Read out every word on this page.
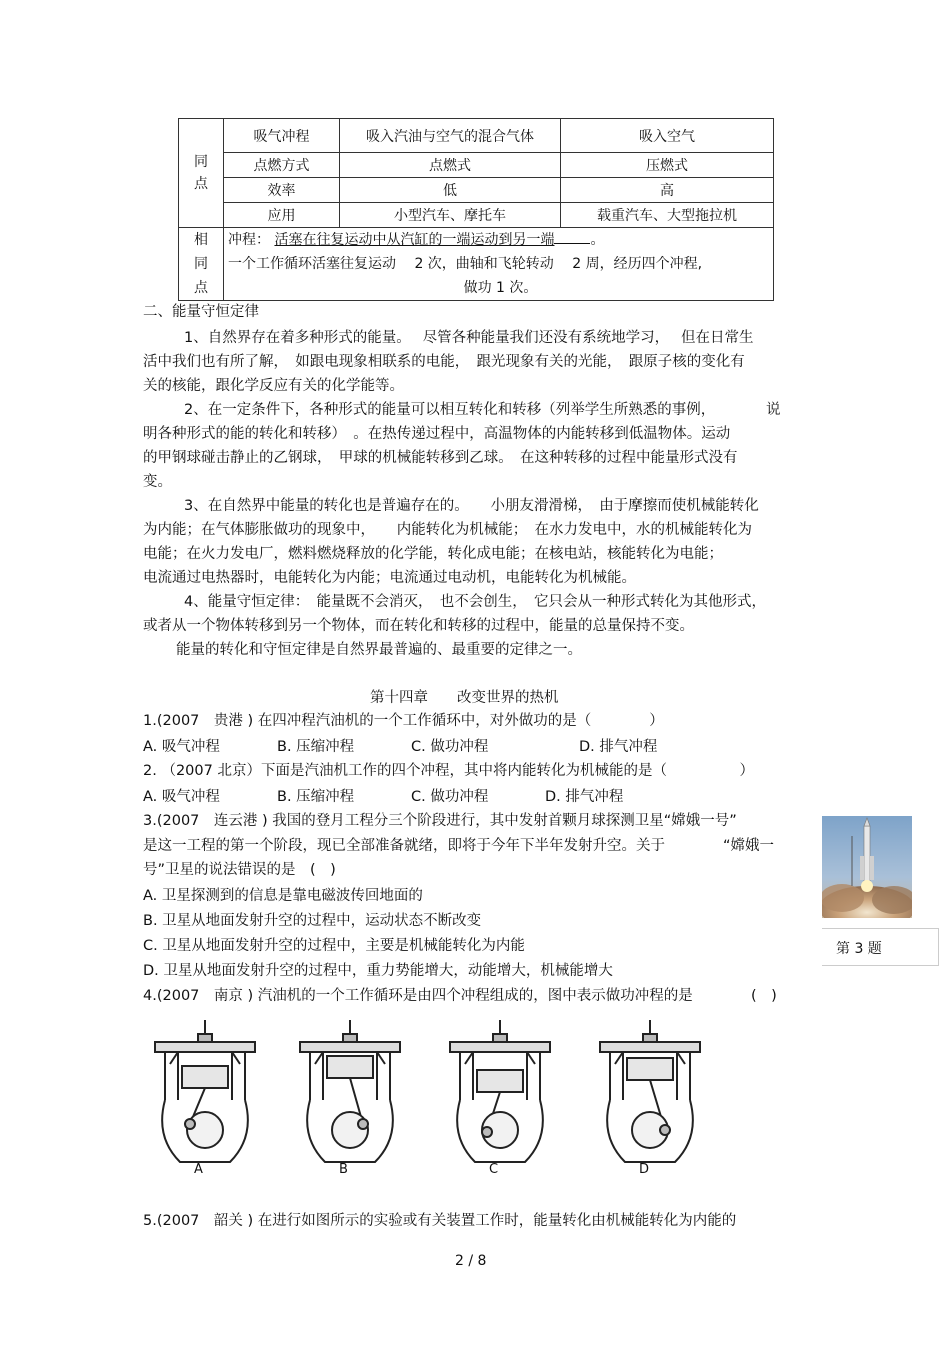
同点	吸气冲程	吸入汽油与空气的混合气体	吸入空气
	点燃方式	点燃式	压燃式
	效率	低	高
	应用	小型汽车、摩托车	载重汽车、大型拖拉机
相同点	冲程： 活塞在往复运动中从汽缸的一端运动到另一端 。
一个工作循环活塞往复运动　 2 次，曲轴和飞轮转动　 2 周，经历四个冲程,
做功 1 次。		
二、能量守恒定律
1、自然界存在着多种形式的能量。　 尽管各种能量我们还没有系统地学习，　 但在日常生
活中我们也有所了解，　如跟电现象相联系的电能，　跟光现象有关的光能，　跟原子核的变化有
关的核能，跟化学反应有关的化学能等。
2、在一定条件下，各种形式的能量可以相互转化和转移（列举学生所熟悉的事例，　　　　说
明各种形式的能的转化和转移）　。在热传递过程中，高温物体的内能转移到低温物体。运动
的甲钢球碰击静止的乙钢球，　甲球的机械能转移到乙球。　在这种转移的过程中能量形式没有
变。
3、在自然界中能量的转化也是普遍存在的。　　小朋友滑滑梯，　由于摩擦而使机械能转化
为内能；在气体膨胀做功的现象中，　　内能转化为机械能；　在水力发电中，水的机械能转化为
电能；在火力发电厂，燃料燃烧释放的化学能，转化成电能；在核电站，核能转化为电能；
电流通过电热器时，电能转化为内能；电流通过电动机，电能转化为机械能。
4、能量守恒定律：　能量既不会消灭，　也不会创生，　它只会从一种形式转化为其他形式，
或者从一个物体转移到另一个物体，而在转化和转移的过程中，能量的总量保持不变。
能量的转化和守恒定律是自然界最普遍的、最重要的定律之一。
第十四章　　改变世界的热机
1.(2007　贵港 ) 在四冲程汽油机的一个工作循环中，对外做功的是（　　　　）
A. 吸气冲程	B. 压缩冲程	C. 做功冲程	D. 排气冲程
2. （2007 北京）下面是汽油机工作的四个冲程，其中将内能转化为机械能的是（　　　　　）
A. 吸气冲程	B. 压缩冲程	C. 做功冲程	D. 排气冲程
3.(2007　连云港 ) 我国的登月工程分三个阶段进行，其中发射首颗月球探测卫星“嫦娥一号”
是这一工程的第一个阶段，现已全部准备就绪，即将于今年下半年发射升空。关于　　　　“嫦娥一
号”卫星的说法错误的是　(　)
A. 卫星探测到的信息是靠电磁波传回地面的
B. 卫星从地面发射升空的过程中，运动状态不断改变
C. 卫星从地面发射升空的过程中，主要是机械能转化为内能
D. 卫星从地面发射升空的过程中，重力势能增大，动能增大，机械能增大
第 3 题
4.(2007　南京 ) 汽油机的一个工作循环是由四个冲程组成的，图中表示做功冲程的是	(　)
A	B	C	D
5.(2007　韶关 ) 在进行如图所示的实验或有关装置工作时，能量转化由机械能转化为内能的
2 / 8
